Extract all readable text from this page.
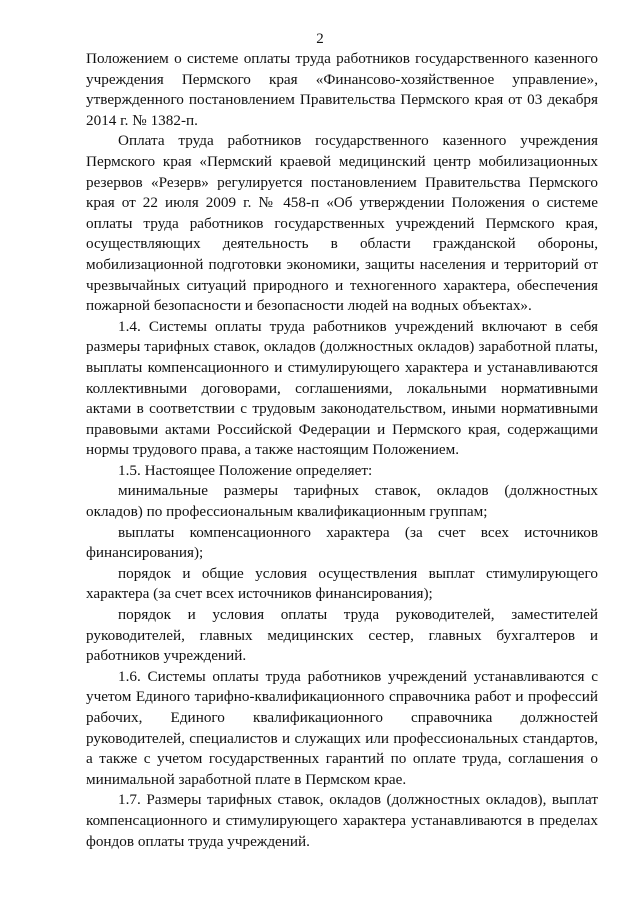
2

Положением о системе оплаты труда работников государственного казенного учреждения Пермского края «Финансово-хозяйственное управление», утвержденного постановлением Правительства Пермского края от 03 декабря 2014 г. № 1382-п.

Оплата труда работников государственного казенного учреждения Пермского края «Пермский краевой медицинский центр мобилизационных резервов «Резерв» регулируется постановлением Правительства Пермского края от 22 июля 2009 г. № 458-п «Об утверждении Положения о системе оплаты труда работников государственных учреждений Пермского края, осуществляющих деятельность в области гражданской обороны, мобилизационной подготовки экономики, защиты населения и территорий от чрезвычайных ситуаций природного и техногенного характера, обеспечения пожарной безопасности и безопасности людей на водных объектах».

1.4. Системы оплаты труда работников учреждений включают в себя размеры тарифных ставок, окладов (должностных окладов) заработной платы, выплаты компенсационного и стимулирующего характера и устанавливаются коллективными договорами, соглашениями, локальными нормативными актами в соответствии с трудовым законодательством, иными нормативными правовыми актами Российской Федерации и Пермского края, содержащими нормы трудового права, а также настоящим Положением.

1.5. Настоящее Положение определяет:

минимальные размеры тарифных ставок, окладов (должностных окладов) по профессиональным квалификационным группам;

выплаты компенсационного характера (за счет всех источников финансирования);

порядок и общие условия осуществления выплат стимулирующего характера (за счет всех источников финансирования);

порядок и условия оплаты труда руководителей, заместителей руководителей, главных медицинских сестер, главных бухгалтеров и работников учреждений.

1.6. Системы оплаты труда работников учреждений устанавливаются с учетом Единого тарифно-квалификационного справочника работ и профессий рабочих, Единого квалификационного справочника должностей руководителей, специалистов и служащих или профессиональных стандартов, а также с учетом государственных гарантий по оплате труда, соглашения о минимальной заработной плате в Пермском крае.

1.7. Размеры тарифных ставок, окладов (должностных окладов), выплат компенсационного и стимулирующего характера устанавливаются в пределах фондов оплаты труда учреждений.
